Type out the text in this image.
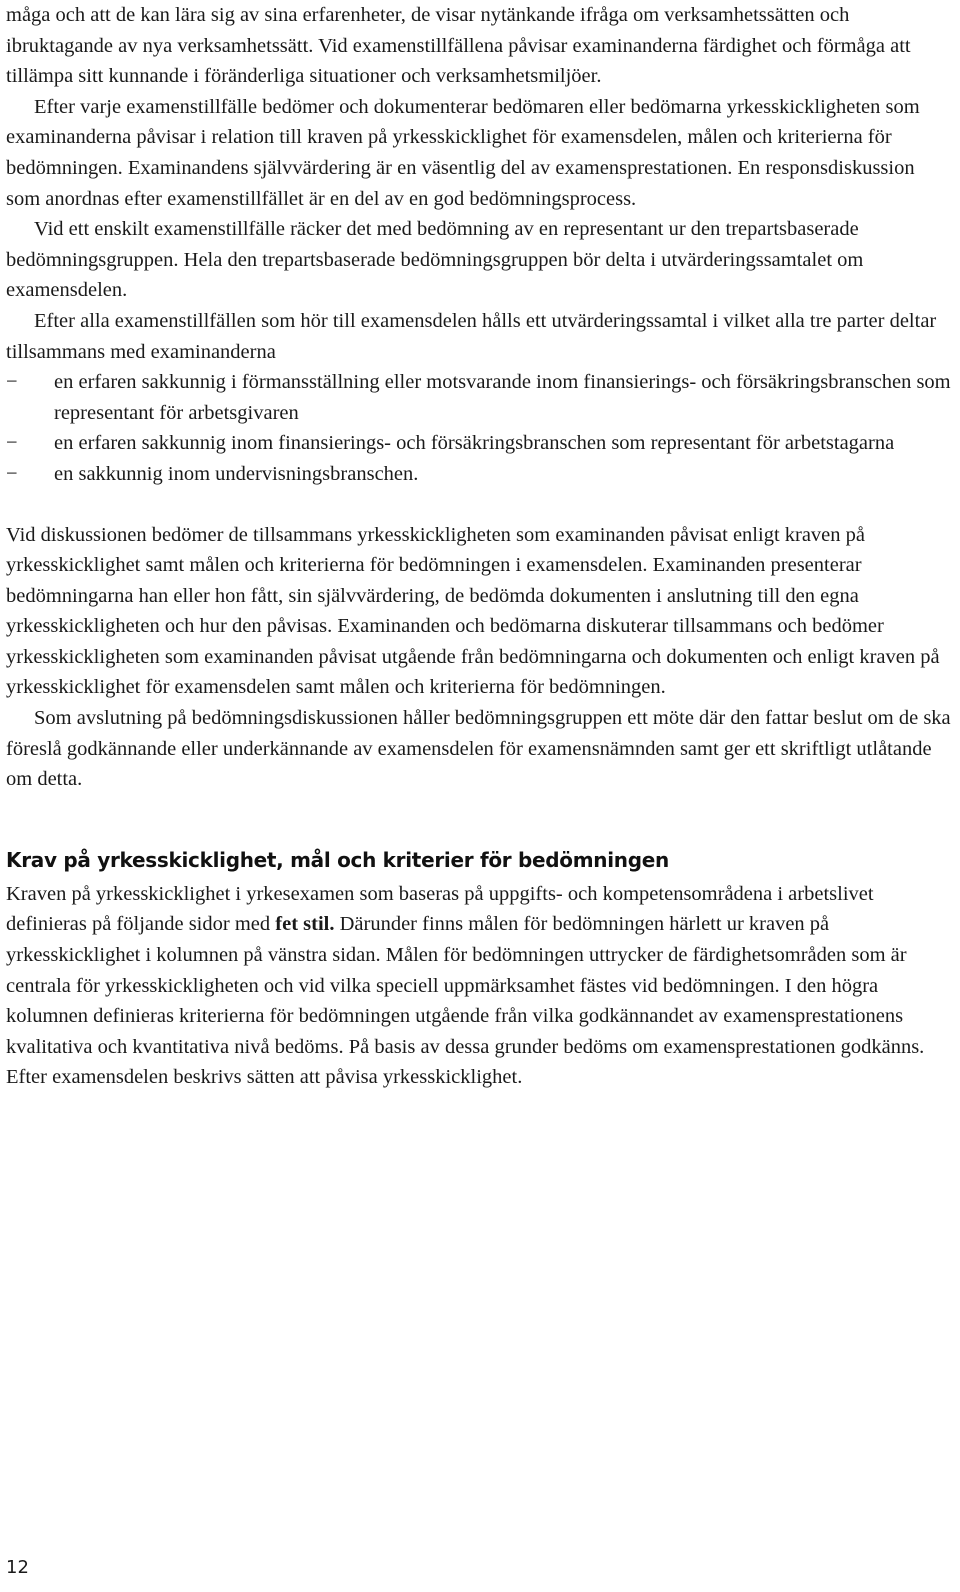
måga och att de kan lära sig av sina erfarenheter, de visar nytänkande ifråga om verksamhetssätten och ibruktagande av nya verksamhetssätt. Vid examenstillfällena påvisar examinanderna färdighet och förmåga att tillämpa sitt kunnande i föränderliga situationer och verksamhetsmiljöer.

Efter varje examenstillfälle bedömer och dokumenterar bedömaren eller bedömarna yrkesskickligheten som examinanderna påvisar i relation till kraven på yrkesskicklighet för examensdelen, målen och kriterierna för bedömningen. Examinandens självvärdering är en väsentlig del av examensprestationen. En responsdiskussion som anordnas efter examenstillfället är en del av en god bedömningsprocess.

Vid ett enskilt examenstillfälle räcker det med bedömning av en representant ur den trepartsbaserade bedömningsgruppen. Hela den trepartsbaserade bedömningsgruppen bör delta i utvärderingssamtalet om examensdelen.

Efter alla examenstillfällen som hör till examensdelen hålls ett utvärderingssamtal i vilket alla tre parter deltar tillsammans med examinanderna

−	en erfaren sakkunnig i förmansställning eller motsvarande inom finansierings- och försäkringsbranschen som representant för arbetsgivaren
−	en erfaren sakkunnig inom finansierings- och försäkringsbranschen som representant för arbetstagarna
−	en sakkunnig inom undervisningsbranschen.

Vid diskussionen bedömer de tillsammans yrkesskickligheten som examinanden påvisat enligt kraven på yrkesskicklighet samt målen och kriterierna för bedömningen i examensdelen. Examinanden presenterar bedömningarna han eller hon fått, sin självvärdering, de bedömda dokumenten i anslutning till den egna yrkesskickligheten och hur den påvisas. Examinanden och bedömarna diskuterar tillsammans och bedömer yrkesskickligheten som examinanden påvisat utgående från bedömningarna och dokumenten och enligt kraven på yrkesskicklighet för examensdelen samt målen och kriterierna för bedömningen.

Som avslutning på bedömningsdiskussionen håller bedömningsgruppen ett möte där den fattar beslut om de ska föreslå godkännande eller underkännande av examensdelen för examensnämnden samt ger ett skriftligt utlåtande om detta.

Krav på yrkesskicklighet, mål och kriterier för bedömningen

Kraven på yrkesskicklighet i yrkesexamen som baseras på uppgifts- och kompetensområdena i arbetslivet definieras på följande sidor med fet stil. Därunder finns målen för bedömningen härlett ur kraven på yrkesskicklighet i kolumnen på vänstra sidan. Målen för bedömningen uttrycker de färdighetsområden som är centrala för yrkesskickligheten och vid vilka speciell uppmärksamhet fästes vid bedömningen. I den högra kolumnen definieras kriterierna för bedömningen utgående från vilka godkännandet av examensprestationens kvalitativa och kvantitativa nivå bedöms. På basis av dessa grunder bedöms om examensprestationen godkänns. Efter examensdelen beskrivs sätten att påvisa yrkesskicklighet.

12
